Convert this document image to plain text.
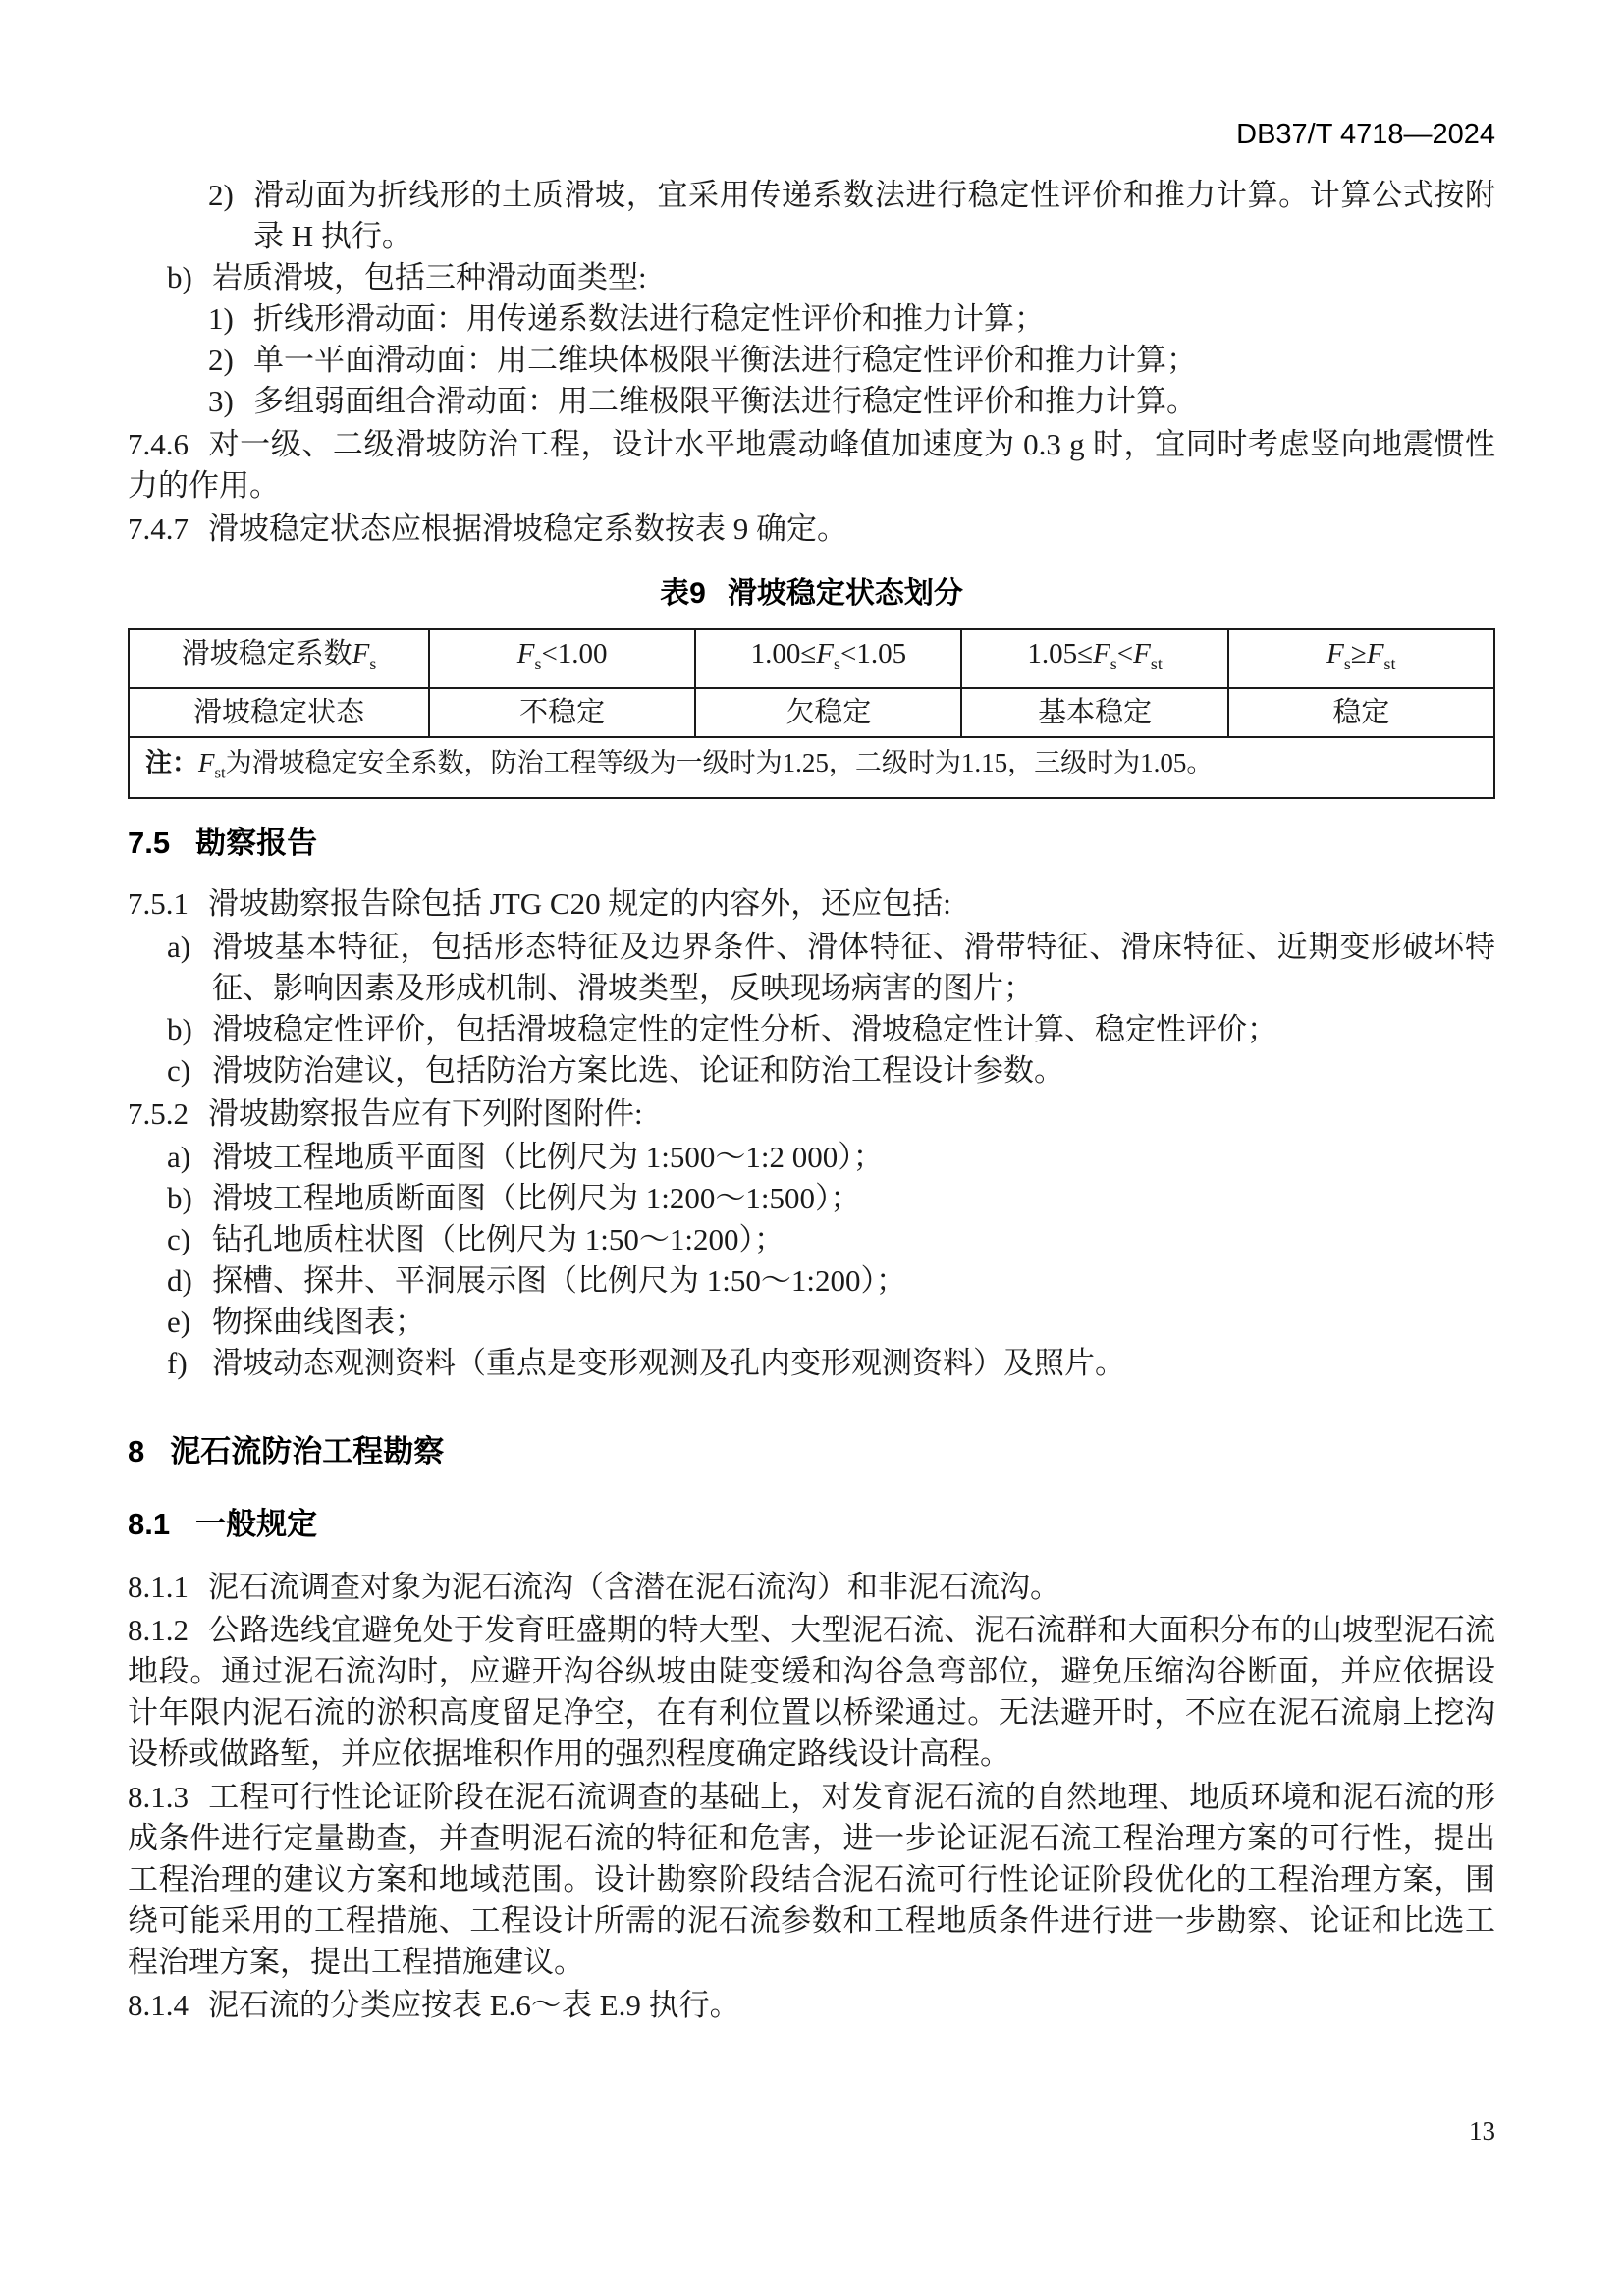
DB37/T 4718—2024
2) 滑动面为折线形的土质滑坡，宜采用传递系数法进行稳定性评价和推力计算。计算公式按附录 H 执行。
b) 岩质滑坡，包括三种滑动面类型:
1) 折线形滑动面：用传递系数法进行稳定性评价和推力计算；
2) 单一平面滑动面：用二维块体极限平衡法进行稳定性评价和推力计算；
3) 多组弱面组合滑动面：用二维极限平衡法进行稳定性评价和推力计算。

7.4.6 对一级、二级滑坡防治工程，设计水平地震动峰值加速度为 0.3 g 时，宜同时考虑竖向地震惯性力的作用。

7.4.7 滑坡稳定状态应根据滑坡稳定系数按表 9 确定。

表9 滑坡稳定状态划分
滑坡稳定系数$F_s$	$F_s<1.00$	$1.00\le F_s<1.05$	$1.05\le F_s<F_{st}$	$F_s\ge F_{st}$
滑坡稳定状态	不稳定	欠稳定	基本稳定	稳定
注：$F_{st}$为滑坡稳定安全系数，防治工程等级为一级时为1.25，二级时为1.15，三级时为1.05。				
7.5 勘察报告

7.5.1 滑坡勘察报告除包括 JTG C20 规定的内容外，还应包括:

a) 滑坡基本特征，包括形态特征及边界条件、滑体特征、滑带特征、滑床特征、近期变形破坏特征、影响因素及形成机制、滑坡类型，反映现场病害的图片；
b) 滑坡稳定性评价，包括滑坡稳定性的定性分析、滑坡稳定性计算、稳定性评价；
c) 滑坡防治建议，包括防治方案比选、论证和防治工程设计参数。

7.5.2 滑坡勘察报告应有下列附图附件:

a) 滑坡工程地质平面图（比例尺为 1:500～1:2 000）；
b) 滑坡工程地质断面图（比例尺为 1:200～1:500）；
c) 钻孔地质柱状图（比例尺为 1:50～1:200）；
d) 探槽、探井、平洞展示图（比例尺为 1:50～1:200）；
e) 物探曲线图表；
f) 滑坡动态观测资料（重点是变形观测及孔内变形观测资料）及照片。
8 泥石流防治工程勘察
8.1 一般规定

8.1.1 泥石流调查对象为泥石流沟（含潜在泥石流沟）和非泥石流沟。

8.1.2 公路选线宜避免处于发育旺盛期的特大型、大型泥石流、泥石流群和大面积分布的山坡型泥石流地段。通过泥石流沟时，应避开沟谷纵坡由陡变缓和沟谷急弯部位，避免压缩沟谷断面，并应依据设计年限内泥石流的淤积高度留足净空，在有利位置以桥梁通过。无法避开时，不应在泥石流扇上挖沟设桥或做路堑，并应依据堆积作用的强烈程度确定路线设计高程。

8.1.3 工程可行性论证阶段在泥石流调查的基础上，对发育泥石流的自然地理、地质环境和泥石流的形成条件进行定量勘查，并查明泥石流的特征和危害，进一步论证泥石流工程治理方案的可行性，提出工程治理的建议方案和地域范围。设计勘察阶段结合泥石流可行性论证阶段优化的工程治理方案，围绕可能采用的工程措施、工程设计所需的泥石流参数和工程地质条件进行进一步勘察、论证和比选工程治理方案，提出工程措施建议。

8.1.4 泥石流的分类应按表 E.6～表 E.9 执行。

13
